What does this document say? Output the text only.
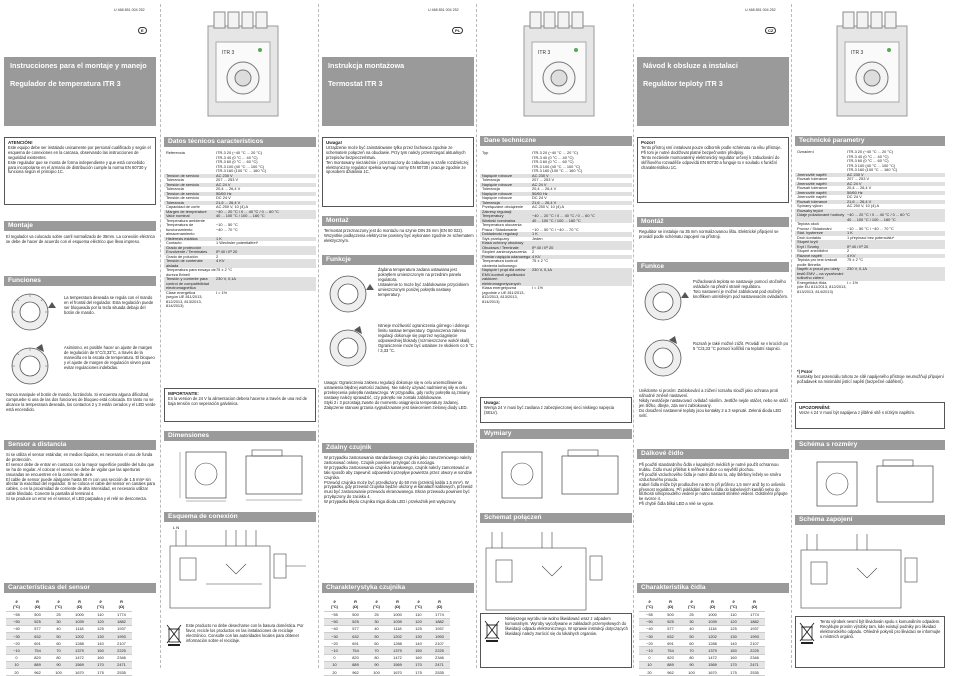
U 468 851 004 252
E
Instrucciones para el montaje y manejo
Regulador de temperatura ITR 3
ATENCIÓN!
Este equipo debe ser instalado unicamente por personal cualificado y según el esquema de conexiones en la carcasa, observando las instrucciones de seguridad existentes.
Este regulador que se monta de forma independiente y que está concebido para incorporarse en el armario de distribución cumple la norma EN 60730 y funciona según el principio 1C.
Montaje
El regulador va colocado sobre carril normalizado de 35mm. La conexión eléctrica se debe de hacer de acuerdo con el esquema eléctrico que lleva impreso.
Funciones
La temperatura deseada se regula con el mando en el frontal del regulador. Esta regulación puede ser bloqueada por la tecla situada debajo del botón de mando.
Asimismo, es posible hacer un ajuste de margen de regulación de 5°C/3,33°C, a través de la manecilla en la escala de temperatura. El bloqueo y el ajuste de margen de regulación sirven para evitar regulaciones indebidas.
Nunca manipule el botón de mando, forzándolo. Si encuentra alguna dificultad, compruebe si una de las dos funciones de bloqueo está colocada. En tanto no se alcance la temperatura deseada, los contactos 2 y 3 están cerados y el LED verde está encendido.
Sensor a distancia
Si se utiliza el sensor estándar, en medios líquidos, es necesario el uso de funda de protección.
El sensor debe de entrar en contacto con la mayor superficie posible del tubo que se ha de regular. Al colocar el sensor, se debe de vigilar que las aperturas rasuradas se encuentren en la corriente de aire.
El cable de sensor puede alargarse hasta 50 m con una sección de 1.5 mm² sin afectar la exactitud del regulador. Si se coloca el cable del sensor en canales para cables, o en la proximidad de corriente de alta intensidad, es necesario utilizar cable blindado. Conecte la pantalla al terminal 4.
Si se produce un error en el sensor, el LED parpadea y el relé se desconecta.
Características del sensor
ϑ
(°C)	R
(Ω)	ϑ
(°C)	R
(Ω)	ϑ
(°C)	R
(Ω)
−55	500	25	1000	110	1774
−50	525	30	1039	120	1882
−40	577	40	1118	125	1937
−30	632	50	1202	130	1993
−20	691	60	1288	140	2107
−10	754	70	1379	150	2225
0	820	80	1472	160	2346
10	889	90	1569	170	2471
20	962	100	1670	175	2535
ITR 3
Datos técnicos característicos
Referencia	ITR-3 20 (−40 °C ... 20 °C)
ITR-3 40 (0 °C ... 40 °C)
ITR-3 60 (0 °C ... 60 °C)
ITR-3 100 (40 °C ... 100 °C)
ITR-3 160 (100 °C ... 160 °C)
Tension de servicio	AC 230 V
Tolerancia	207 ... 253 V
Tensión de servicio	AC 24 V
Tolerancia	20,4 ... 26,4 V
Tension de servicio	50/60 Hz
Tensión de servicio	DC 24 V
Tolerancia	21,6 ... 26,4 V
Capacidad de corte	AC 250 V, 10 (4) A
Margen de temperature
Valor nominal
−40 ... 20 °C / 0 ... 40 °C / 0 ... 60 °C
40 ... 100 °C / 100 ... 160 °C
Temperatura ambiente
Temperatura de funcionamiento
almacenamiento

−10 ... 50 °C
−40 ... 70 °C
Histéresis estática	1 K
Contacto	1 Wechsler potentialfrei*
Grado de protección
Envolvente / Terminales	
IP 40 / IP 20
Grado de polución	2
Tensión de contenste aislada
4 KV
Temperatura para ensayo de dureza Brinell
75 ± 2 °C
Tensión y corriente para control de compatibilidad electromagnética
230 V, 0,1A
Clase energética
(según UE 811/2013, 812/2013, 813/2013, 814/2013)
I = 1%
IMPORTANTE:
En la version de 24 V la alimentacion debera hacerse a través de una red de baja tensión con seperación galvánica.
Dimensiones
Esquema de conexión
L N
Este producto no debe desecharse con la basura doméstica. Por favor, recicle los productos en las instalaciones de reciclaje electrónico. Consulte con las autoridades locales para obtener información sobre el reciclaje.
U 468 851 004 252
PL
Instrukcja montażowa
Termostat ITR 3
Uwaga!
Urządzenie może być zainstalowane tylko przez fachowca zgodnie ze schematem połączeń na obudowie. Przy tym należy przestrzegać aktualnych przepisów bezpieczeństwa.
Ten montowany niezależnie i przeznaczony do zabudowy w szafie rozdzielczej elektroniczny regulator spełnia wymogi normy EN 60730 i pracuje zgodnie ze sposobem działania 1C.
Montaż
Termostat przeznaczony jest do montażu na szynie DIN 35 mm (EN 50 022). Wszystkie podłączenia elektryczne powinny być wykonane zgodnie ze schematem elektrycznym.
Funkcje
Żądana temperatura zadana ustawiana jest pokrętłem umieszczonym na przednim panelu regulatora.
Ustawienie to może być zablokowane przyciskiem umieszczonym poniżej pokrętła nastawy temperatury.
Istnieje możliwość ograniczenia górnego i dolnego limitu nastaw temperatury. Ograniczenia zakresu regulacji dokonuje się poprzez wyciągnięcie odpowiedniej blokady (rozmieszczone wokół skali). Ograniczenie może być ustalane ze skokiem co 5 °C / 3,33 °C.
Uwaga: Ograniczenia zakresu regulacji dokonuje się w celu uniemożliwienia ustawienia błędnej wartości zadanej. Nie należy używać nadmiernej siły w celu przekręcenia pokrętła nastawczego. W przypadku, gdy ruchy pokrętła są zmiany nastawy należy sprawdzić, czy pokrętło nie zostało zablokowane.
Styki 2 i 3 pozostają zwarte do momentu osiągnięcia temperatury zadanej. Załączenie stanowi grzania sygnalizowane jest świeceniem zielonej diody LED.
Zdalny czujnik
W przypadku zastosowania standardowego czujnika jako zanurzeniowego należy zastosować osłonę. Czujnik powinien przylegać do rurociągu.
W przypadku zastosowania czujnika kanałowego, czujnik należy zamontować w taki sposób aby zapewnić odpowiedni przepływ powietrza przez otwory w sondzie czujnika.
Przewód czujnika może być przedłużony do 50 mm (przekrój kabla 1,5 mm²). W przypadku, gdy przewód czujnika będzie ułożony w kanałach kablowych, przewód musi być zastosowanie przewodu ekranowanego. Ekran przewodu powinien być przyłączony do zacisku 4.
W przypadku błędu czujnika miga dioda LED i przekaźnik jest wyłączony.
Charakterystyka czujnika
ϑ
(°C)	R
(Ω)	ϑ
(°C)	R
(Ω)	ϑ
(°C)	R
(Ω)
−55	500	25	1000	110	1774
−50	525	30	1039	120	1882
−40	577	40	1118	125	1937
−30	632	50	1202	130	1993
−20	691	60	1288	140	2107
−10	754	70	1379	150	2225
0	820	80	1472	160	2346
10	889	90	1569	170	2471
20	962	100	1670	175	2535
ITR 3
Dane techniczne
Typ	ITR-3 20 (−40 °C ... 20 °C)
ITR-3 40 (0 °C ... 40 °C)
ITR-3 60 (0 °C ... 60 °C)
ITR-3 100 (40 °C ... 100 °C)
ITR-3 160 (100 °C ... 160 °C)
Napięcie robocze	AC 230 V
Tolerancja	207 ... 253 V
Napięcie robocze	AC 24 V
Tolerancja	20,4 ... 26,4 V
Napięcie robocze	50/60 Hz
Napięcie robocze	DC 24 V
Tolerancja	21,6 ... 26,4 V
Przełączane obciążenie	AC 250 V, 10 (4) A
Zakresy regulacji
Temperatury
Wartość nominalna

−40 ... 20 °C / 0 ... 40 °C / 0 ... 60 °C
40 ... 100 °C / 100 ... 160 °C
Temperatura otoczenia
Praca / Składowanie	
−10 ... 50 °C / −40 ... 70 °C
Dokładność regulacji	1 K
Styk przełączny	Jeden
Klasa ochrony obudowy
Obudowa / Terminale	
IP 40 / IP 20
Stopień zanieczyszczenia	2
Pomiar napięcia udarowego 4 KV
Temperatura kontroli ciśnienia kulkowego
75 ± 2 °C
Napięcie i prąd dla celów EMV-kontroli zgodliwości zakłóceń elektromagnetycznych
230 V, 0,1A
Klasa energetyczna
(zgodnie z UE 811/2013, 812/2013, 813/2013, 814/2013)
I = 1%
Uwaga:
Wersja 24 V musi być zasilana z zabezpieczonej sieci niskiego napięcia (SELV).
Wymiary
Schemat połączeń
Niniejszego wyrobu nie wolno likwidować wraz z odpadem komunalnym. Wyroby wycofywane w zakładach przemysłowych do likwidacji odpadu elektronicznego. W sprawie instrukcji dotyczących likwidacji należy zwrócić się do lokalnych organów.
U 468 851 004 252
CZ
Návod k obsluze a instalaci
Regulátor teploty ITR 3
Pozor!
Tento přístroj smí instalovat pouze odborník podle schématu na víku přístroje. Při tom je nutné dodržovat platné bezpečnostní předpisy.
Tento nezávisle montovatelný elektronický regulátor určený k zabudování do skříňového rozvaděče odpovídá EN 60730 a funguje to v souladu s funkční charakteristikou 1C.
Montáž
Regulátor se instaluje na 35 mm normalizovanou lištu. Elektrické připojení se provádí podle schématu zapojení na přístroji.
Funkce
Požadovaná teplota se nastavuje pomocí otočného ovládače na přední straně regulátoru.
Toto nastavení je možné zablokovat pod otočným knoflíkem umístěným pod nastavovacím ovladačem.
Rozsah je také možné zúžit. Provádí se v krocích po 5 °C/3,33 °C pomocí kolíčků na teplotní stupnici.
Uvědomte si prosím: Zablokování a zúžení rozsahu slouží jako ochrana proti náhodné změně nastavení.
Nikdy neotáčejte nastavovací ovládač násilím. Jestliže nejde otáčet, nebo se otáčí jen těžko, dbejte, zda není zablokovaný.
Do dosažení nastavené teploty jsou kontakty 2 a 3 sepnuté. Zelená dioda LED svítí.
Dálkové čidlo
Při použití standardního čidla v kapalných médiích je nutné použít ochrannou trubku. Čidlo musí přiléhat k měřené trubce co největší plochou.
Při použití vzduchového čidla je nutné dbát na to, aby štěrbiny ležely ve směru vzduchového proudu.
Kabel čidla může být prodloužen na 50 m při průřezu 1,5 mm² aniž by to ovlivnilo přesnost regulátoru. Při pokládání kabelu čidla do kabelových kanálů nebo do blízkosti silnoproudého vedení je nutno nastavit stíněné vedení. Odstínění připojte ke svorce 4.
Při chybě čidla bliká LED a relé se vypne.
Charakteristika čidla
ϑ
(°C)	R
(Ω)	ϑ
(°C)	R
(Ω)	ϑ
(°C)	R
(Ω)
−55	500	25	1000	110	1774
−50	525	30	1039	120	1882
−40	577	40	1118	125	1937
−30	632	50	1202	130	1993
−20	691	60	1288	140	2107
−10	754	70	1379	150	2225
0	820	80	1472	160	2346
10	889	90	1569	170	2471
20	962	100	1670	175	2535
ITR 3
Technické parametry
Označení	ITR-3 20 (−40 °C ... 20 °C)
ITR-3 40 (0 °C ... 40 °C)
ITR-3 60 (0 °C ... 60 °C)
ITR-3 100 (40 °C ... 100 °C)
ITR-3 160 (100 °C ... 160 °C)
Jmenovité napětí	AC 230 V
Rozsah tolerance	207 ... 253 V
Jmenovité napětí	AC 24 V
Rozsah tolerance	20,4 ... 26,4 V
Jmenovité napětí	50/60 Hz
Jmenovité napětí	DC 24 V
Rozsah tolerance	21,6 ... 26,4 V
Spínaný výkon	AC 250 V, 10 (4) A
Rozsahy teplot
Údaje požadované hodnoty
−40 ... 20 °C / 0 ... 40 °C / 0 ... 60 °C
40 ... 100 °C / 100 ... 160 °C
Teplota okolí
Provoz / Skladování	
−10 ... 50 °C / −40 ... 70 °C
Stat. hystereze	1 K
Druh kontaktu	1 přepínací bez potenciálu*
Stupeň krytí
Kryt / Svorky	
IP 40 / IP 20
Stupeň znečištění	2
Rázové napětí	4 KV
Teplota pro test tvrdosti podle Brinella
75 ± 2 °C
Napětí a proud pro účely testů EMV – na vyzařování rušivého záření
230 V, 0,1A
Energetická třída
(dle EU 811/2013, 812/2013, 813/2013, 814/2013)
I = 1%
*) Pozor
Kontakty bez potenciálu tohoto ze sítě napájeného přístroje neumožňují připojení požadavek na minimální jistící napětí (bezpečné oddělení).
UPOZORNĚNÍ:
Verze s 24 V musí být napájena z jištěné sítě s nízkým napětím.
Schéma s rozměry
Schéma zapojení
Tento výrobek nesmí být likvidován spolu s komunálním odpadem. Recyklujte prosím výrobky tam, kde existují podniky pro likvidaci elektronického odpadu. Ohledně pokynů pro likvidaci se informujte u místních orgánů.
